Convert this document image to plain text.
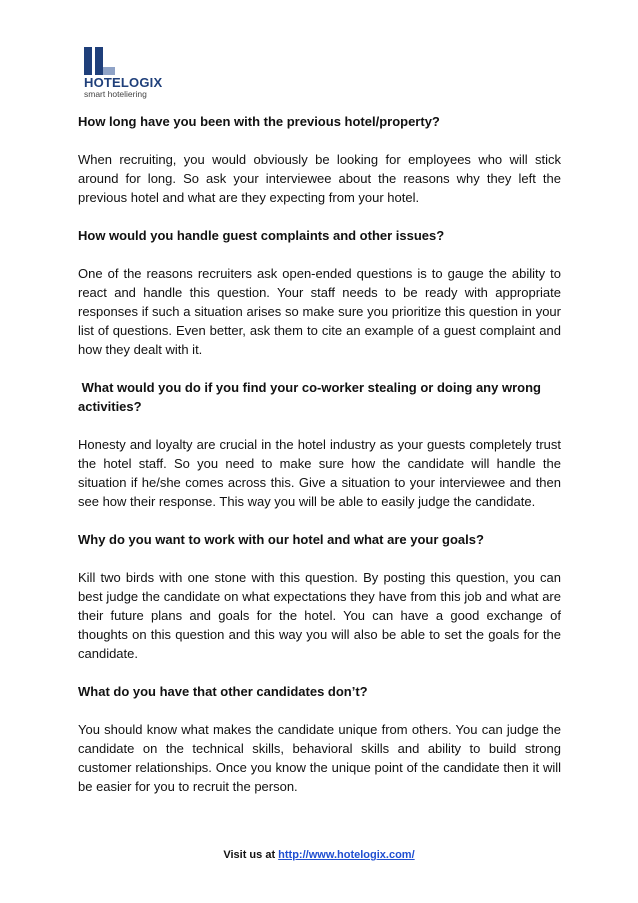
HOTELOGIX
smart hoteliering

How long have you been with the previous hotel/property?

When recruiting, you would obviously be looking for employees who will stick around for long. So ask your interviewee about the reasons why they left the previous hotel and what are they expecting from your hotel.

How would you handle guest complaints and other issues?

One of the reasons recruiters ask open-ended questions is to gauge the ability to react and handle this question. Your staff needs to be ready with appropriate responses if such a situation arises so make sure you prioritize this question in your list of questions. Even better, ask them to cite an example of a guest complaint and how they dealt with it.

What would you do if you find your co-worker stealing or doing any wrong activities?

Honesty and loyalty are crucial in the hotel industry as your guests completely trust the hotel staff. So you need to make sure how the candidate will handle the situation if he/she comes across this. Give a situation to your interviewee and then see how their response. This way you will be able to easily judge the candidate.

Why do you want to work with our hotel and what are your goals?

Kill two birds with one stone with this question. By posting this question, you can best judge the candidate on what expectations they have from this job and what are their future plans and goals for the hotel. You can have a good exchange of thoughts on this question and this way you will also be able to set the goals for the candidate.

What do you have that other candidates don’t?

You should know what makes the candidate unique from others. You can judge the candidate on the technical skills, behavioral skills and ability to build strong customer relationships. Once you know the unique point of the candidate then it will be easier for you to recruit the person.

Visit us at http://www.hotelogix.com/
